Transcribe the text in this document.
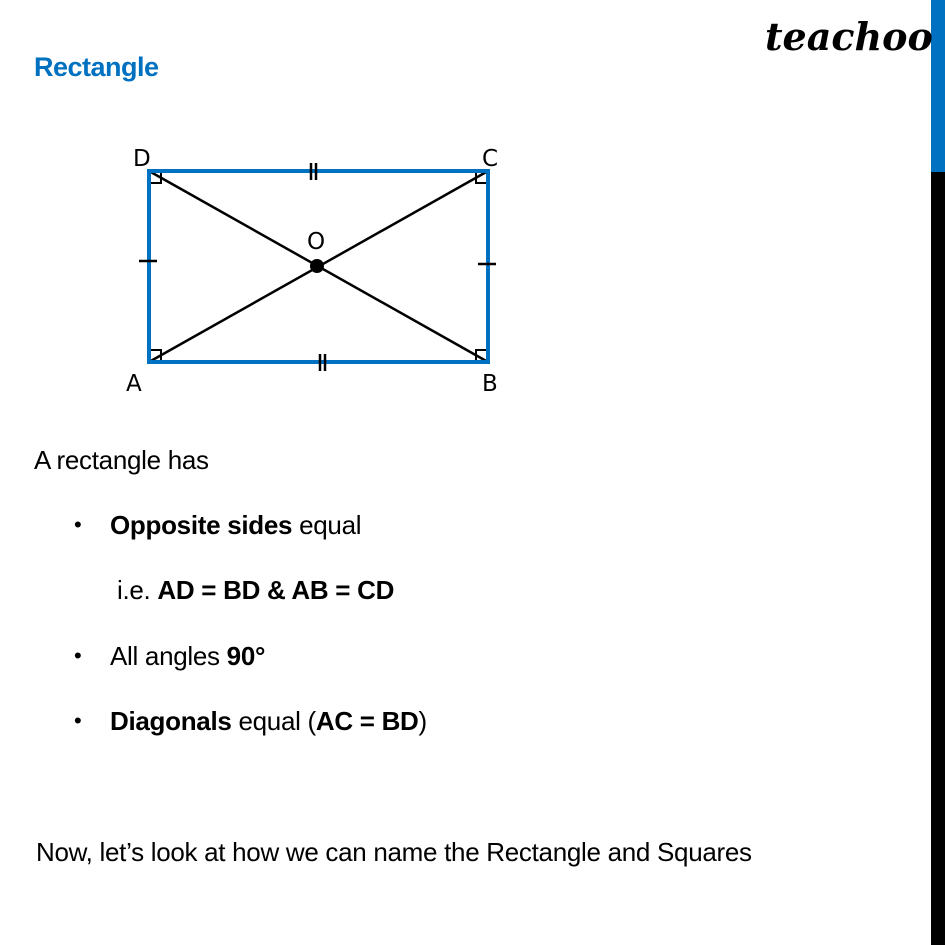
teachoo
Rectangle
D	C
A	B
O
A rectangle has
• Opposite sides equal
i.e. AD = BD & AB = CD
• All angles 90°
• Diagonals equal (AC = BD)
Now, let’s look at how we can name the Rectangle and Squares
